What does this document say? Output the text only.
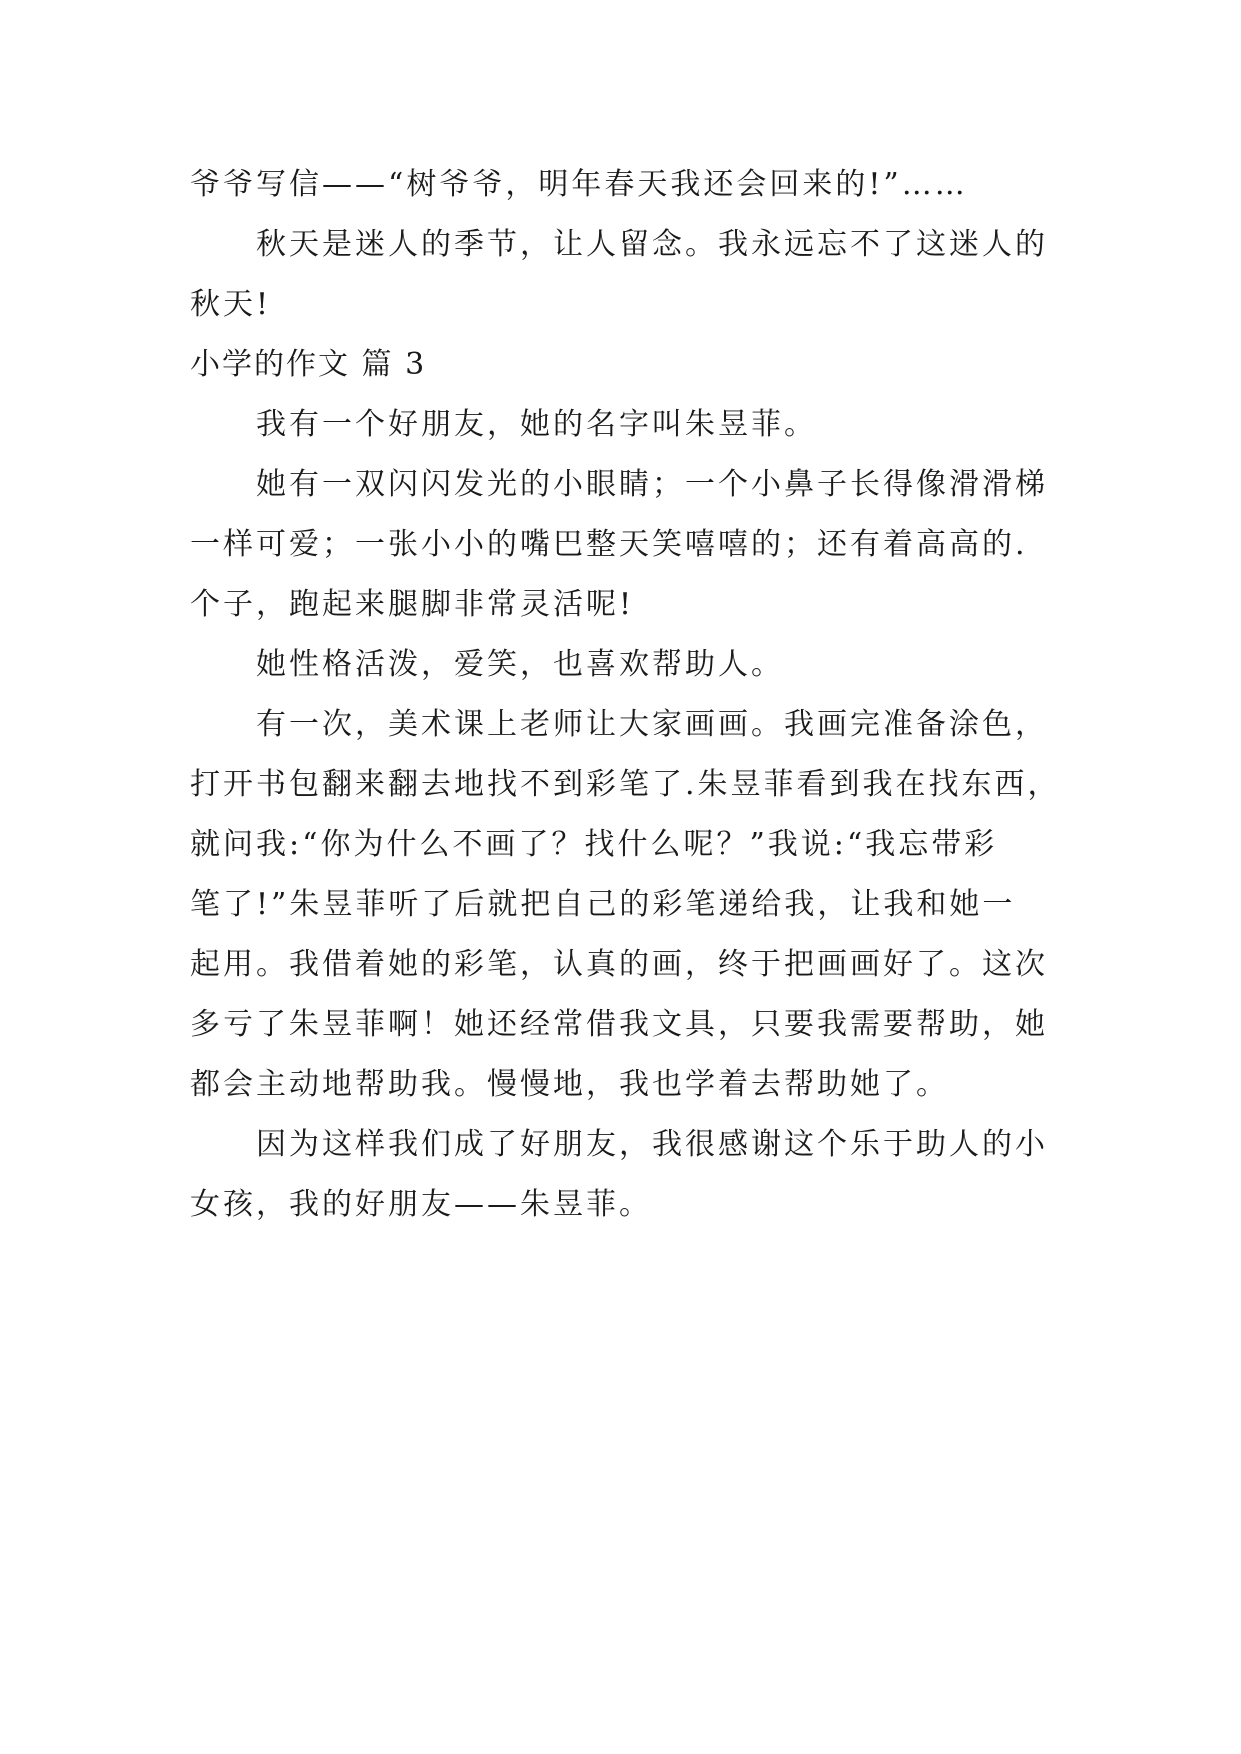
爷爷写信——“树爷爷，明年春天我还会回来的!”……
秋天是迷人的季节，让人留念。我永远忘不了这迷人的
秋天!
小学的作文 篇 3
我有一个好朋友，她的名字叫朱昱菲。
她有一双闪闪发光的小眼睛；一个小鼻子长得像滑滑梯
一样可爱；一张小小的嘴巴整天笑嘻嘻的；还有着高高的.
个子，跑起来腿脚非常灵活呢!
她性格活泼，爱笑，也喜欢帮助人。
有一次，美术课上老师让大家画画。我画完准备涂色，
打开书包翻来翻去地找不到彩笔了.朱昱菲看到我在找东西，
就问我:“你为什么不画了？找什么呢？”我说:“我忘带彩
笔了!”朱昱菲听了后就把自己的彩笔递给我，让我和她一
起用。我借着她的彩笔，认真的画，终于把画画好了。这次
多亏了朱昱菲啊！她还经常借我文具，只要我需要帮助，她
都会主动地帮助我。慢慢地，我也学着去帮助她了。
因为这样我们成了好朋友，我很感谢这个乐于助人的小
女孩，我的好朋友——朱昱菲。
